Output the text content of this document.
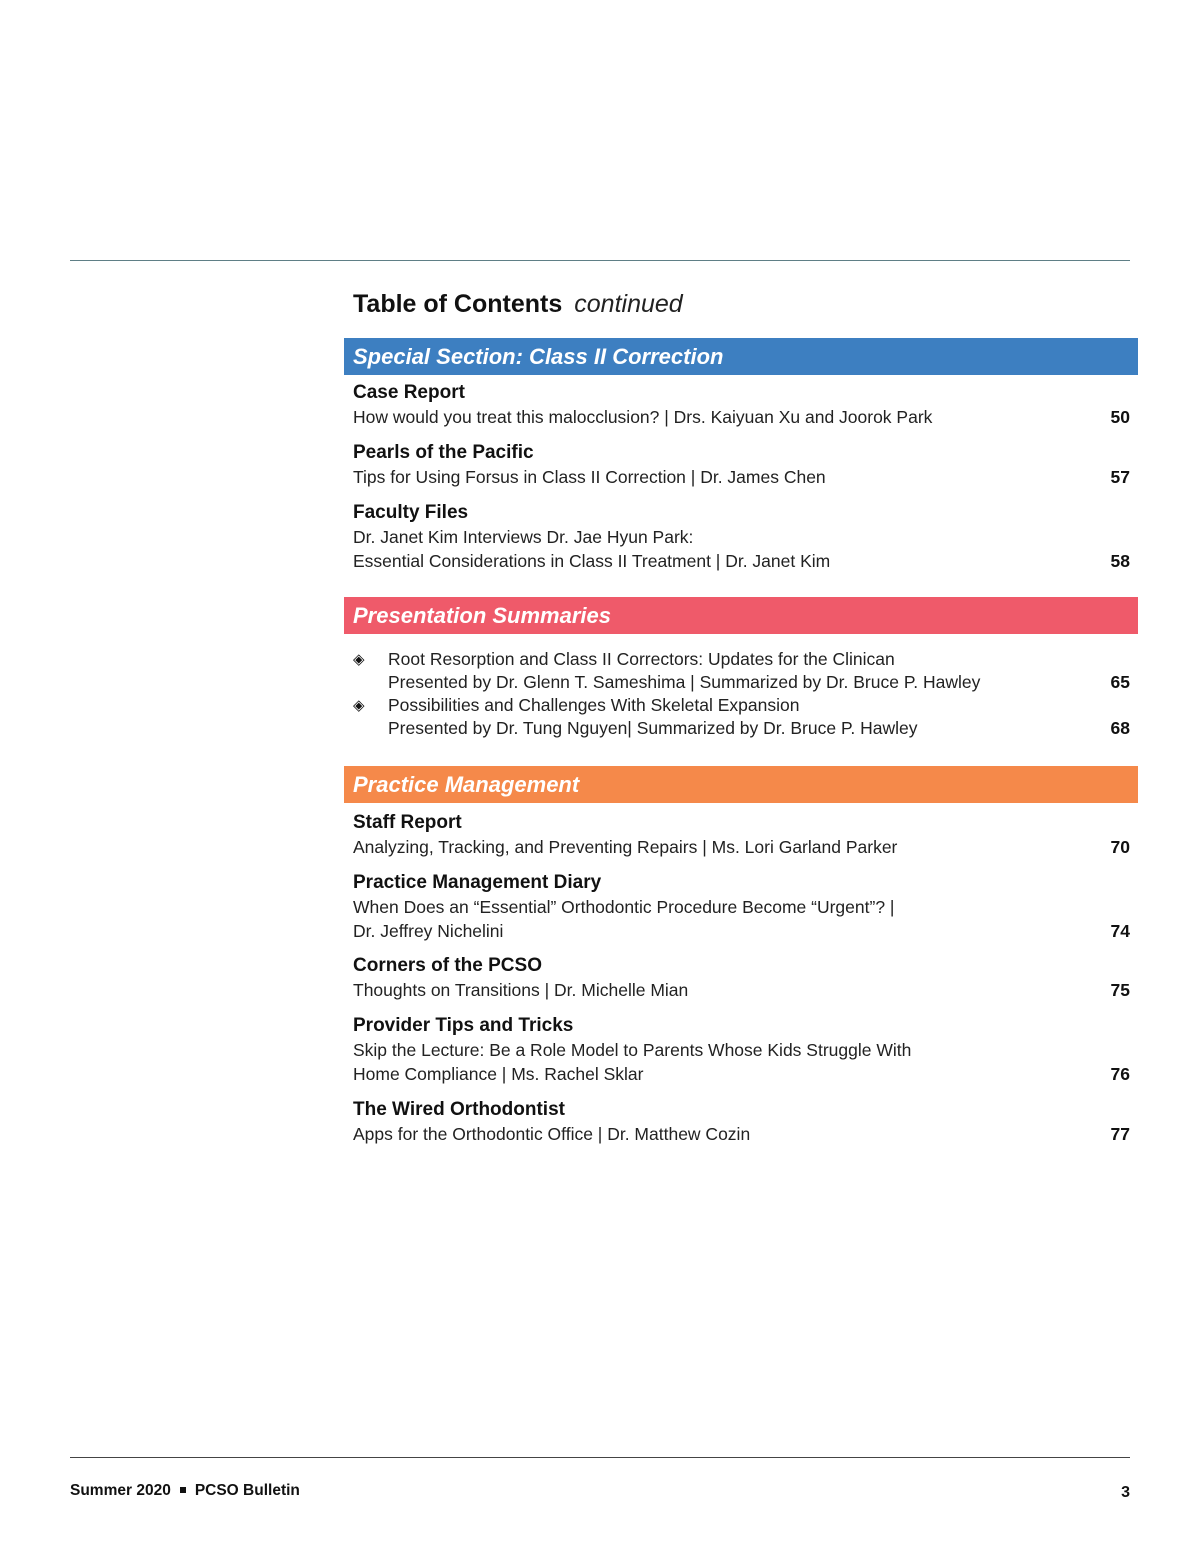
Table of Contents continued
Special Section: Class II Correction
Case Report
How would you treat this malocclusion? | Drs. Kaiyuan Xu and Joorok Park	50
Pearls of the Pacific
Tips for Using Forsus in Class II Correction | Dr. James Chen	57
Faculty Files
Dr. Janet Kim Interviews Dr. Jae Hyun Park:
Essential Considerations in Class II Treatment | Dr. Janet Kim	58
Presentation Summaries
◈	Root Resorption and Class II Correctors: Updates for the Clinican
Presented by Dr. Glenn T. Sameshima | Summarized by Dr. Bruce P. Hawley	65
◈	Possibilities and Challenges With Skeletal Expansion
Presented by Dr. Tung Nguyen| Summarized by Dr. Bruce P. Hawley	68
Practice Management
Staff Report
Analyzing, Tracking, and Preventing Repairs | Ms. Lori Garland Parker	70
Practice Management Diary
When Does an “Essential” Orthodontic Procedure Become “Urgent”? |
Dr. Jeffrey Nichelini	74
Corners of the PCSO
Thoughts on Transitions | Dr. Michelle Mian	75
Provider Tips and Tricks
Skip the Lecture: Be a Role Model to Parents Whose Kids Struggle With
Home Compliance | Ms. Rachel Sklar	76
The Wired Orthodontist
Apps for the Orthodontic Office | Dr. Matthew Cozin	77
Summer 2020 PCSO Bulletin	3
